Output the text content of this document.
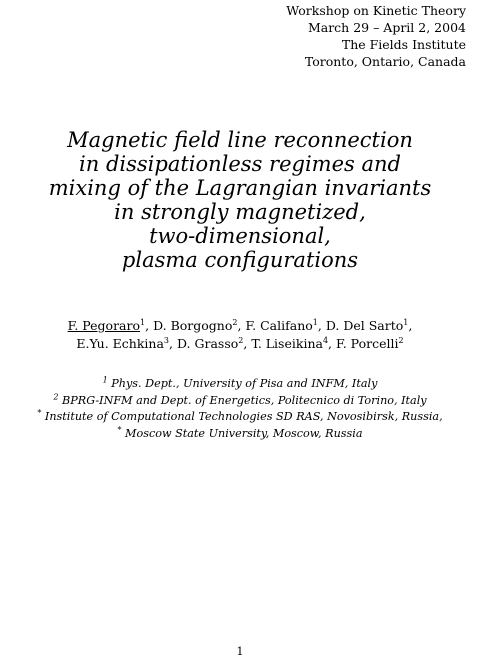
Workshop on Kinetic Theory
March 29 – April 2, 2004
The Fields Institute
Toronto, Ontario, Canada
Magnetic field line reconnection
in dissipationless regimes and
mixing of the Lagrangian invariants
in strongly magnetized,
two-dimensional,
plasma configurations
F. Pegoraro$^1$, D. Borgogno$^2$, F. Califano$^1$, D. Del Sarto$^1$,
E.Yu. Echkina$^3$, D. Grasso$^2$, T. Liseikina$^4$, F. Porcelli$^2$
$^1$ Phys. Dept., University of Pisa and INFM, Italy
$^2$ BPRG-INFM and Dept. of Energetics, Politecnico di Torino, Italy
* Institute of Computational Technologies SD RAS, Novosibirsk, Russia,
* Moscow State University, Moscow, Russia
1
